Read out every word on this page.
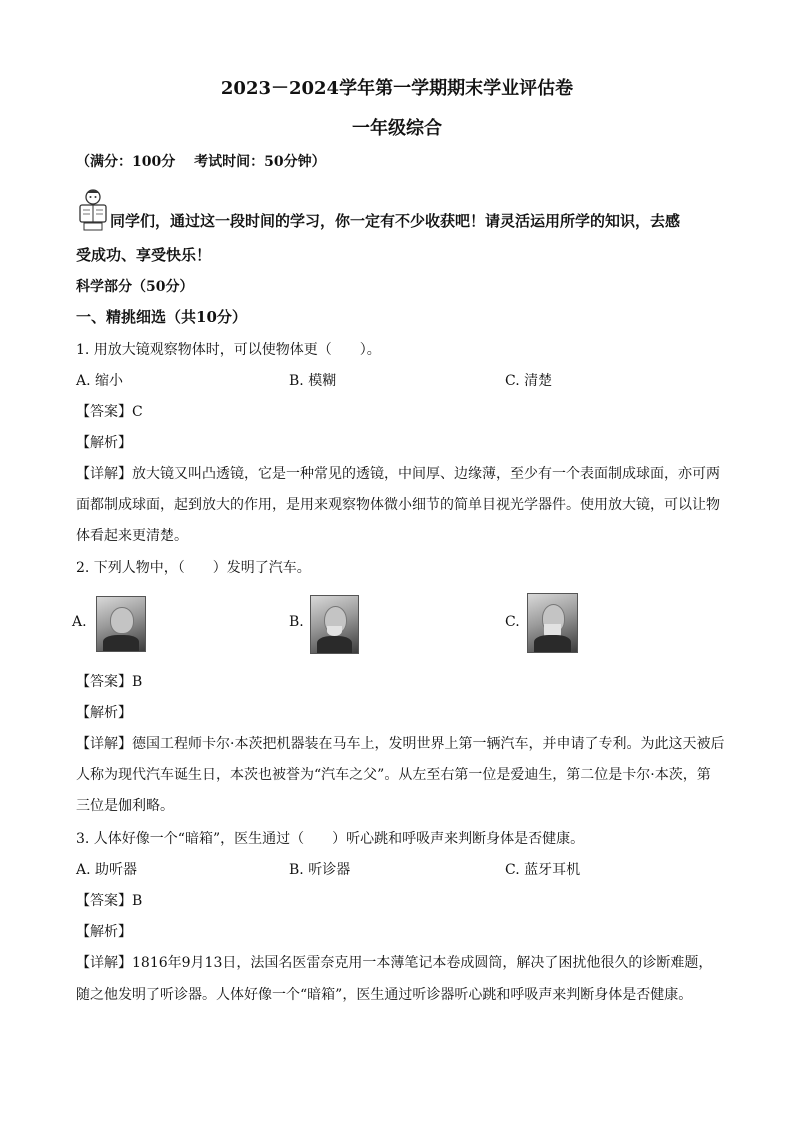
2023－2024学年第一学期期末学业评估卷
一年级综合
（满分：100分　 考试时间：50分钟）
同学们，通过这一段时间的学习，你一定有不少收获吧！请灵活运用所学的知识，去感
受成功、享受快乐！
科学部分（50分）
一、精挑细选（共10分）
1. 用放大镜观察物体时，可以使物体更（　　）。
A. 缩小	B. 模糊	C. 清楚
【答案】C
【解析】
【详解】放大镜又叫凸透镜，它是一种常见的透镜，中间厚、边缘薄，至少有一个表面制成球面，亦可两
面都制成球面，起到放大的作用，是用来观察物体微小细节的简单目视光学器件。使用放大镜，可以让物
体看起来更清楚。
2. 下列人物中，（　　）发明了汽车。
A.	B.	C.
【答案】B
【解析】
【详解】德国工程师卡尔·本茨把机器装在马车上，发明世界上第一辆汽车，并申请了专利。为此这天被后
人称为现代汽车诞生日，本茨也被誉为“汽车之父”。从左至右第一位是爱迪生，第二位是卡尔·本茨，第
三位是伽利略。
3. 人体好像一个“暗箱”，医生通过（　　）听心跳和呼吸声来判断身体是否健康。
A. 助听器	B. 听诊器	C. 蓝牙耳机
【答案】B
【解析】
【详解】1816年9月13日，法国名医雷奈克用一本薄笔记本卷成圆筒，解决了困扰他很久的诊断难题，
随之他发明了听诊器。人体好像一个“暗箱”，医生通过听诊器听心跳和呼吸声来判断身体是否健康。
